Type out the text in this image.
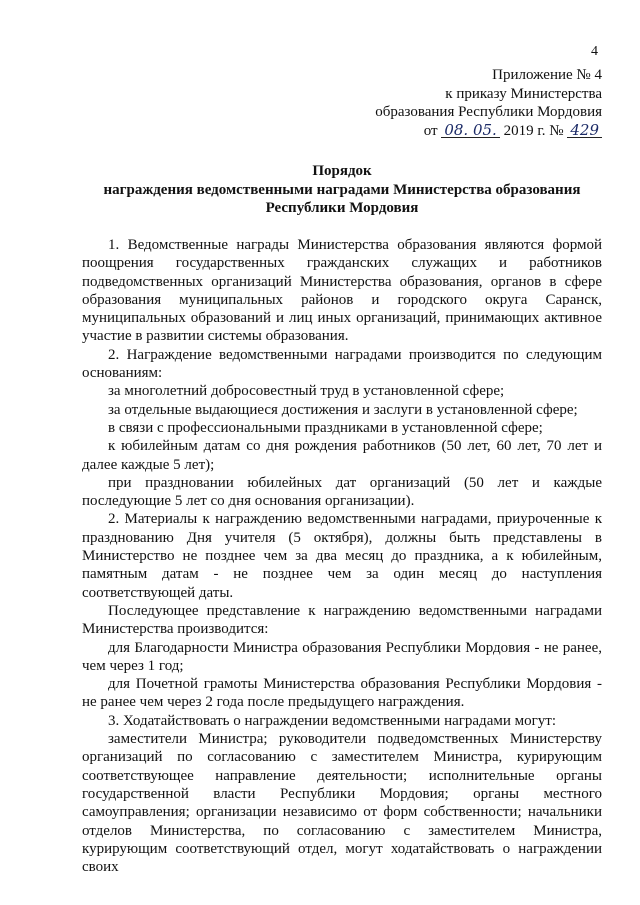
4
Приложение № 4
к приказу Министерства
образования Республики Мордовия
от 08. 05. 2019 г. № 429
Порядок
награждения ведомственными наградами Министерства образования
Республики Мордовия

1. Ведомственные награды Министерства образования являются формой поощрения государственных гражданских служащих и работников подведомственных организаций Министерства образования, органов в сфере образования муниципальных районов и городского округа Саранск, муниципальных образований и лиц иных организаций, принимающих активное участие в развитии системы образования.

2. Награждение ведомственными наградами производится по следующим основаниям:

за многолетний добросовестный труд в установленной сфере;

за отдельные выдающиеся достижения и заслуги в установленной сфере;

в связи с профессиональными праздниками в установленной сфере;

к юбилейным датам со дня рождения работников (50 лет, 60 лет, 70 лет и далее каждые 5 лет);

при праздновании юбилейных дат организаций (50 лет и каждые последующие 5 лет со дня основания организации).

2. Материалы к награждению ведомственными наградами, приуроченные к празднованию Дня учителя (5 октября), должны быть представлены в Министерство не позднее чем за два месяц до праздника, а к юбилейным, памятным датам - не позднее чем за один месяц до наступления соответствующей даты.

Последующее представление к награждению ведомственными наградами Министерства производится:

для Благодарности Министра образования Республики Мордовия - не ранее, чем через 1 год;

для Почетной грамоты Министерства образования Республики Мордовия - не ранее чем через 2 года после предыдущего награждения.

3. Ходатайствовать о награждении ведомственными наградами могут:

заместители Министра; руководители подведомственных Министерству организаций по согласованию с заместителем Министра, курирующим соответствующее направление деятельности; исполнительные органы государственной власти Республики Мордовия; органы местного самоуправления; организации независимо от форм собственности; начальники отделов Министерства, по согласованию с заместителем Министра, курирующим соответствующий отдел, могут ходатайствовать о награждении своих
